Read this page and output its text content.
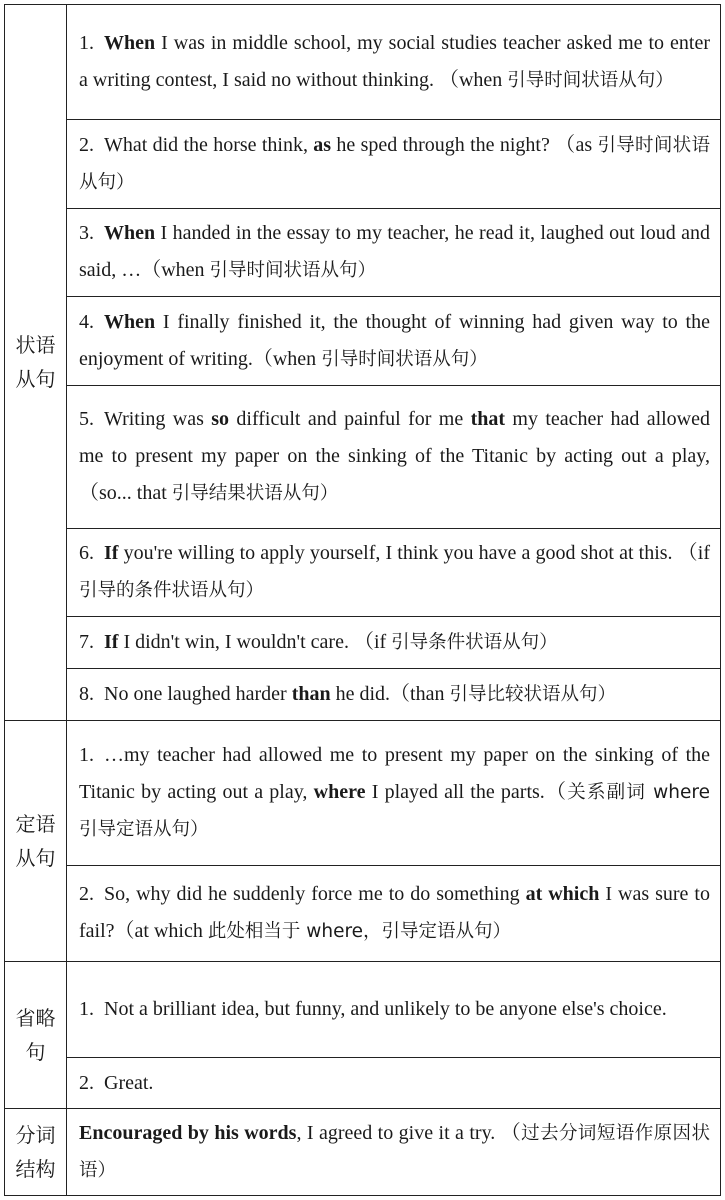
状语从句	1. When I was in middle school, my social studies teacher asked me to enter a writing contest, I said no without thinking. （when 引导时间状语从句）
	2. What did the horse think, as he sped through the night? （as 引导时间状语从句）
	3. When I handed in the essay to my teacher, he read it, laughed out loud and said, …（when 引导时间状语从句）
	4. When I finally finished it, the thought of winning had given way to the enjoyment of writing.（when 引导时间状语从句）
	5. Writing was so difficult and painful for me that my teacher had allowed me to present my paper on the sinking of the Titanic by acting out a play,（so... that 引导结果状语从句）
	6. If you're willing to apply yourself, I think you have a good shot at this. （if 引导的条件状语从句）
	7. If I didn't win, I wouldn't care. （if 引导条件状语从句）
	8. No one laughed harder than he did.（than 引导比较状语从句）
定语从句	1. …my teacher had allowed me to present my paper on the sinking of the Titanic by acting out a play, where I played all the parts.（关系副词 where 引导定语从句）
	2. So, why did he suddenly force me to do something at which I was sure to fail?（at which 此处相当于 where，引导定语从句）
省略句	1. Not a brilliant idea, but funny, and unlikely to be anyone else's choice.
	2. Great.
分词结构	Encouraged by his words, I agreed to give it a try. （过去分词短语作原因状语）
